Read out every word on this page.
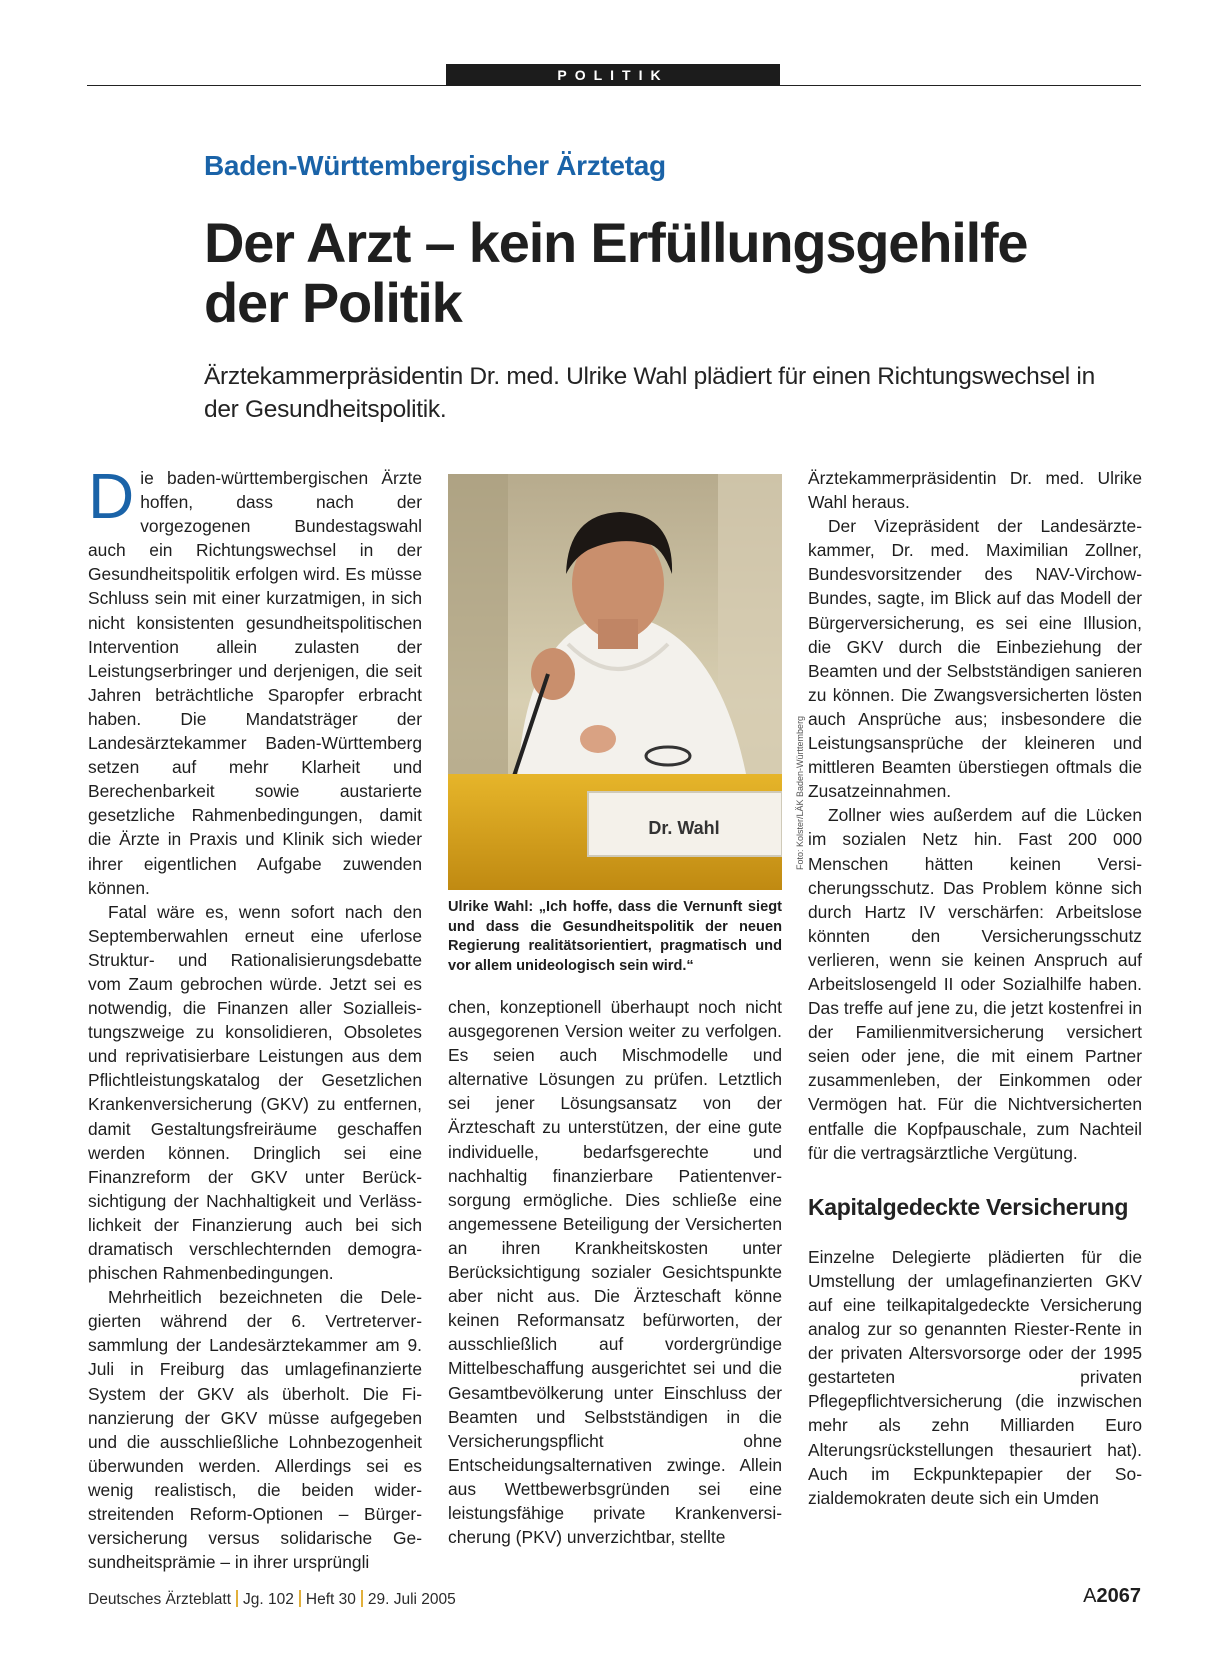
POLITIK
Baden-Württembergischer Ärztetag
Der Arzt – kein Erfüllungsgehilfe der Politik

Ärztekammerpräsidentin Dr. med. Ulrike Wahl plädiert für einen Richtungswechsel in der Gesundheitspolitik.

Die baden-württembergischen Ärzte hoffen, dass nach der vorgezogenen Bundestagswahl auch ein Richtungswechsel in der Gesundheitspolitik erfolgen wird. Es müsse Schluss sein mit einer kurzatmigen, in sich nicht konsistenten gesundheitspolitischen Intervention allein zulasten der Leistungserbringer und derjenigen, die seit Jahren beträchtliche Sparopfer erbracht haben. Die Mandatsträger der Landesärztekammer Baden-Württemberg setzen auf mehr Klarheit und Berechenbarkeit sowie austarierte gesetzliche Rahmenbedingungen, damit die Ärzte in Praxis und Klinik sich wieder ihrer eigentlichen Aufgabe zuwenden können.

Fatal wäre es, wenn sofort nach den Septemberwahlen erneut eine uferlose Struktur- und Rationalisierungsdebatte vom Zaum gebrochen würde. Jetzt sei es notwendig, die Finanzen aller Sozialleistungszweige zu konsolidieren, Obsoletes und reprivatisierbare Leistungen aus dem Pflichtleistungskatalog der Gesetzlichen Krankenversicherung (GKV) zu entfernen, damit Gestaltungsfreiräume geschaffen werden können. Dringlich sei eine Finanzreform der GKV unter Berücksichtigung der Nachhaltigkeit und Verlässlichkeit der Finanzierung auch bei sich dramatisch verschlechternden demographischen Rahmenbedingungen.

Mehrheitlich bezeichneten die Delegierten während der 6. Vertreterversammlung der Landesärztekammer am 9. Juli in Freiburg das umlagefinanzierte System der GKV als überholt. Die Finanzierung der GKV müsse aufgegeben und die ausschließliche Lohnbezogenheit überwunden werden. Allerdings sei es wenig realistisch, die beiden widerstreitenden Reform-Optionen – Bürgerversicherung versus solidarische Gesundheitsprämie – in ihrer ursprüngli

Dr. Wahl	Foto: Kolster/LÄK Baden-Württemberg

Ulrike Wahl: „Ich hoffe, dass die Vernunft siegt und dass die Gesundheitspolitik der neuen Regierung realitätsorientiert, pragmatisch und vor allem unideologisch sein wird.“

chen, konzeptionell überhaupt noch nicht ausgegorenen Version weiter zu verfolgen. Es seien auch Mischmodelle und alternative Lösungen zu prüfen. Letztlich sei jener Lösungsansatz von der Ärzteschaft zu unterstützen, der eine gute individuelle, bedarfsgerechte und nachhaltig finanzierbare Patientenversorgung ermögliche. Dies schließe eine angemessene Beteiligung der Versicherten an ihren Krankheitskosten unter Berücksichtigung sozialer Gesichtspunkte aber nicht aus. Die Ärzteschaft könne keinen Reformansatz befürworten, der ausschließlich auf vordergründige Mittelbeschaffung ausgerichtet sei und die Gesamtbevölkerung unter Einschluss der Beamten und Selbstständigen in die Versicherungspflicht ohne Entscheidungsalternativen zwinge. Allein aus Wettbewerbsgründen sei eine leistungsfähige private Krankenversicherung (PKV) unverzichtbar, stellte

Ärztekammerpräsidentin Dr. med. Ulrike Wahl heraus.

Der Vizepräsident der Landesärztekammer, Dr. med. Maximilian Zollner, Bundesvorsitzender des NAV-Virchow-Bundes, sagte, im Blick auf das Modell der Bürgerversicherung, es sei eine Illusion, die GKV durch die Einbeziehung der Beamten und der Selbstständigen sanieren zu können. Die Zwangsversicherten lösten auch Ansprüche aus; insbesondere die Leistungsansprüche der kleineren und mittleren Beamten überstiegen oftmals die Zusatzeinnahmen.

Zollner wies außerdem auf die Lücken im sozialen Netz hin. Fast 200 000 Menschen hätten keinen Versicherungsschutz. Das Problem könne sich durch Hartz IV verschärfen: Arbeitslose könnten den Versicherungsschutz verlieren, wenn sie keinen Anspruch auf Arbeitslosengeld II oder Sozialhilfe haben. Das treffe auf jene zu, die jetzt kostenfrei in der Familienmitversicherung versichert seien oder jene, die mit einem Partner zusammenleben, der Einkommen oder Vermögen hat. Für die Nichtversicherten entfalle die Kopfpauschale, zum Nachteil für die vertragsärztliche Vergütung.

Kapitalgedeckte Versicherung

Einzelne Delegierte plädierten für die Umstellung der umlagefinanzierten GKV auf eine teilkapitalgedeckte Versicherung analog zur so genannten Riester-Rente in der privaten Altersvorsorge oder der 1995 gestarteten privaten Pflegepflichtversicherung (die inzwischen mehr als zehn Milliarden Euro Alterungsrückstellungen thesauriert hat). Auch im Eckpunktepapier der Sozialdemokraten deute sich ein Umden

Deutsches Ärzteblatt Jg. 102 Heft 30 29. Juli 2005	A2067
